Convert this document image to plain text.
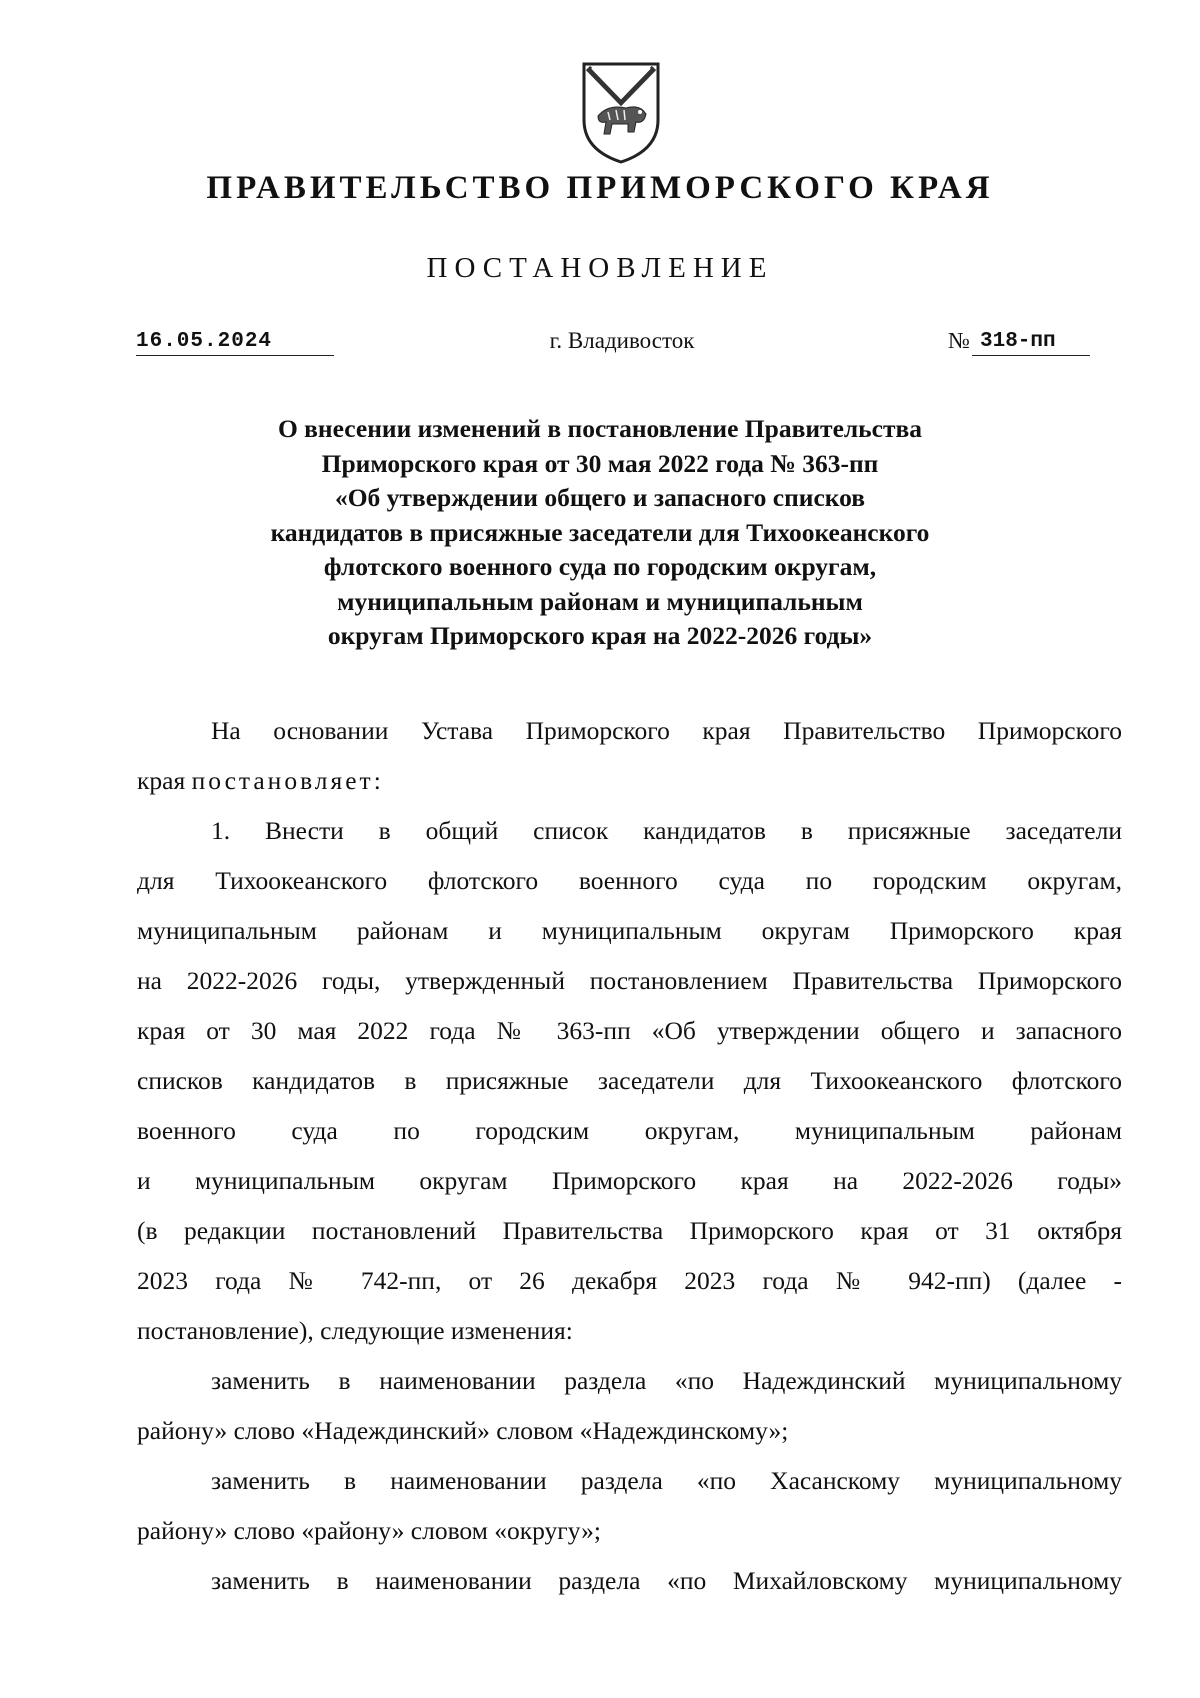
ПРАВИТЕЛЬСТВО ПРИМОРСКОГО КРАЯ
ПОСТАНОВЛЕНИЕ
16.05.2024	г. Владивосток	№ 318-пп
О внесении изменений в постановление Правительства
Приморского края от 30 мая 2022 года № 363-пп
«Об утверждении общего и запасного списков
кандидатов в присяжные заседатели для Тихоокеанского
флотского военного суда по городским округам,
муниципальным районам и муниципальным
округам Приморского края на 2022-2026 годы»
На основании Устава Приморского края Правительство Приморского
края постановляет:
1. Внести в общий список кандидатов в присяжные заседатели
для Тихоокеанского флотского военного суда по городским округам,
муниципальным районам и муниципальным округам Приморского края
на 2022-2026 годы, утвержденный постановлением Правительства Приморского
края от 30 мая 2022 года № 363-пп «Об утверждении общего и запасного
списков кандидатов в присяжные заседатели для Тихоокеанского флотского
военного суда по городским округам, муниципальным районам
и муниципальным округам Приморского края на 2022-2026 годы»
(в редакции постановлений Правительства Приморского края от 31 октября
2023 года № 742-пп, от 26 декабря 2023 года № 942-пп) (далее -
постановление), следующие изменения:
заменить в наименовании раздела «по Надеждинский муниципальному
району» слово «Надеждинский» словом «Надеждинскому»;
заменить в наименовании раздела «по Хасанскому муниципальному
району» слово «району» словом «округу»;
заменить в наименовании раздела «по Михайловскому муниципальному
